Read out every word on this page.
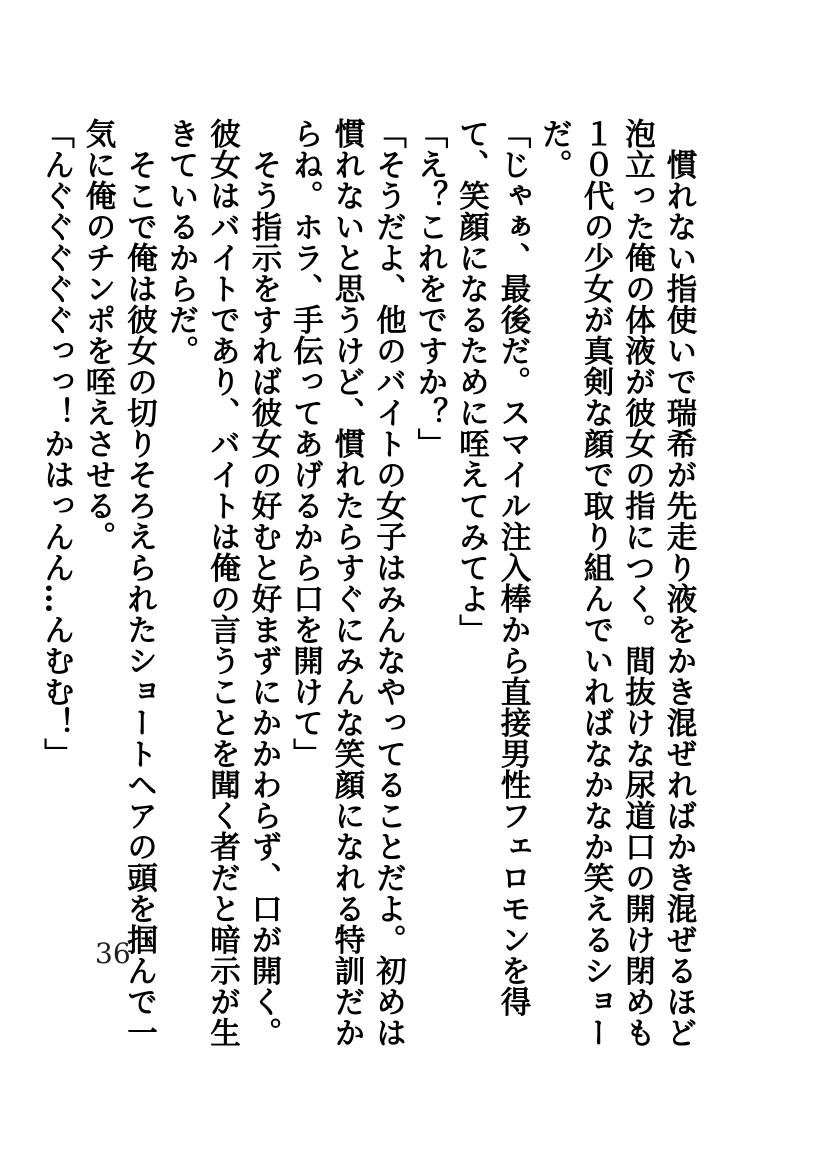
慣れない指使いで瑞希が先走り液をかき混ぜればかき混ぜるほど泡立った俺の体液が彼女の指につく。間抜けな尿道口の開け閉めも１０代の少女が真剣な顔で取り組んでいればなかなか笑えるショーだ。

「じゃぁ、最後だ。スマイル注入棒から直接男性フェロモンを得て、笑顔になるために咥えてみてよ」

「え？これをですか？」

「そうだよ、他のバイトの女子はみんなやってることだよ。初めは慣れないと思うけど、慣れたらすぐにみんな笑顔になれる特訓だからね。ホラ、手伝ってあげるから口を開けて」

そう指示をすれば彼女の好むと好まずにかかわらず、口が開く。彼女はバイトであり、バイトは俺の言うことを聞く者だと暗示が生きているからだ。

そこで俺は彼女の切りそろえられたショートヘアの頭を掴んで一気に俺のチンポを咥えさせる。

「んぐぐぐぐぐっっ！かはっんん…んむむ！」

36
